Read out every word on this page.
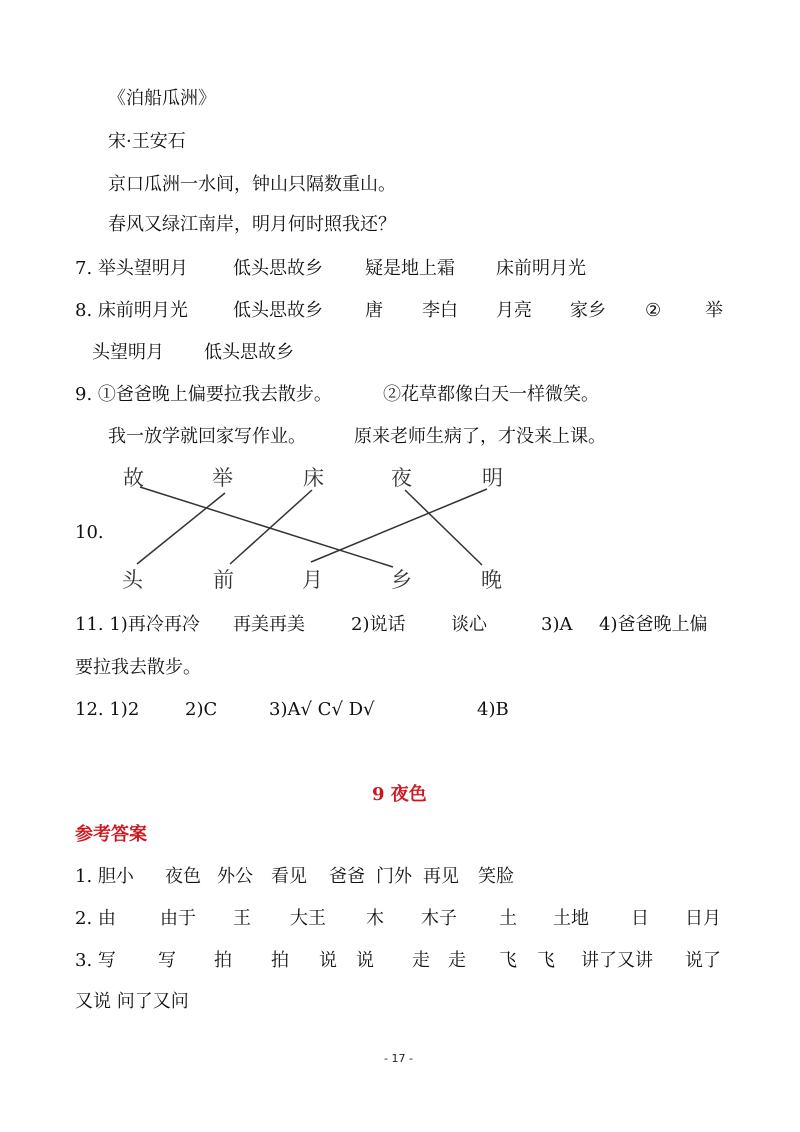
《泊船瓜洲》
宋·王安石
京口瓜洲一水间，钟山只隔数重山。
春风又绿江南岸，明月何时照我还？
7. 举头望明月	低头思故乡 疑是地上霜 床前明月光
8. 床前明月光	低头思故乡 唐 李白 月亮 家乡 ② 举
头望明月 低头思故乡
9. ①爸爸晚上偏要拉我去散步。	②花草都像白天一样微笑。
我一放学就回家写作业。	原来老师生病了，才没来上课。
故	举	床	夜	明
头	前	月	乡	晚
10.
11. 1)再冷再冷 再美再美	2)说话	谈心	3)A 4)爸爸晚上偏
要拉我去散步。
12. 1)2	2)C	3)A√ C√ D√	4)B
9 夜色
参考答案
1. 胆小 夜色 外公 看见 爸爸 门外 再见 笑脸
2. 由 由于 王 大王 木 木子 土 土地 日 日月
3. 写 写 拍 拍 说 说 走 走 飞 飞 讲了又讲 说了
又说 问了又问
- 17 -
